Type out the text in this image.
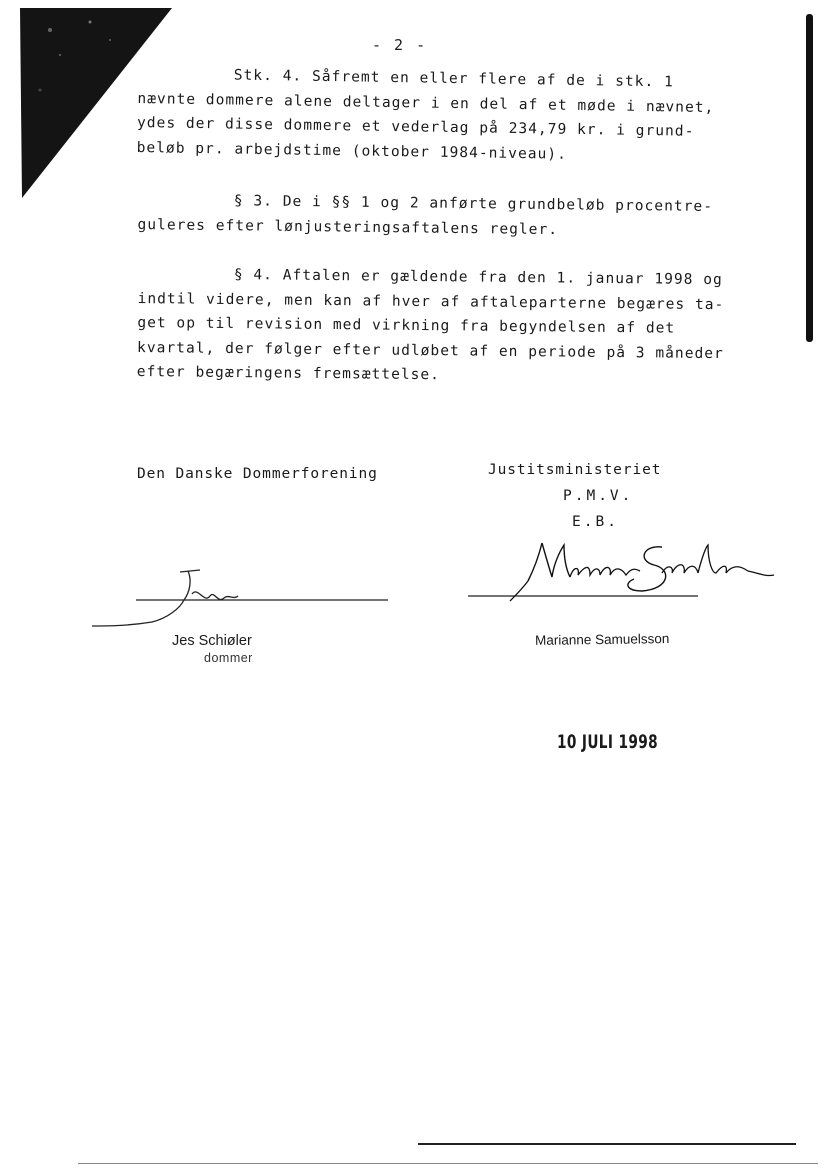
- 2 -
Stk. 4. Såfremt en eller flere af de i stk. 1
nævnte dommere alene deltager i en del af et møde i nævnet,
ydes der disse dommere et vederlag på 234,79 kr. i grund-
beløb pr. arbejdstime (oktober 1984-niveau).
§ 3. De i §§ 1 og 2 anførte grundbeløb procentre-
guleres efter lønjusteringsaftalens regler.
§ 4. Aftalen er gældende fra den 1. januar 1998 og
indtil videre, men kan af hver af aftaleparterne begæres ta-
get op til revision med virkning fra begyndelsen af det
kvartal, der følger efter udløbet af en periode på 3 måneder
efter begæringens fremsættelse.
Den Danske Dommerforening	Justitsministeriet
P.M.V.
E.B.
Jes Schiøler
dommer
Marianne Samuelsson
10 JULI 1998
